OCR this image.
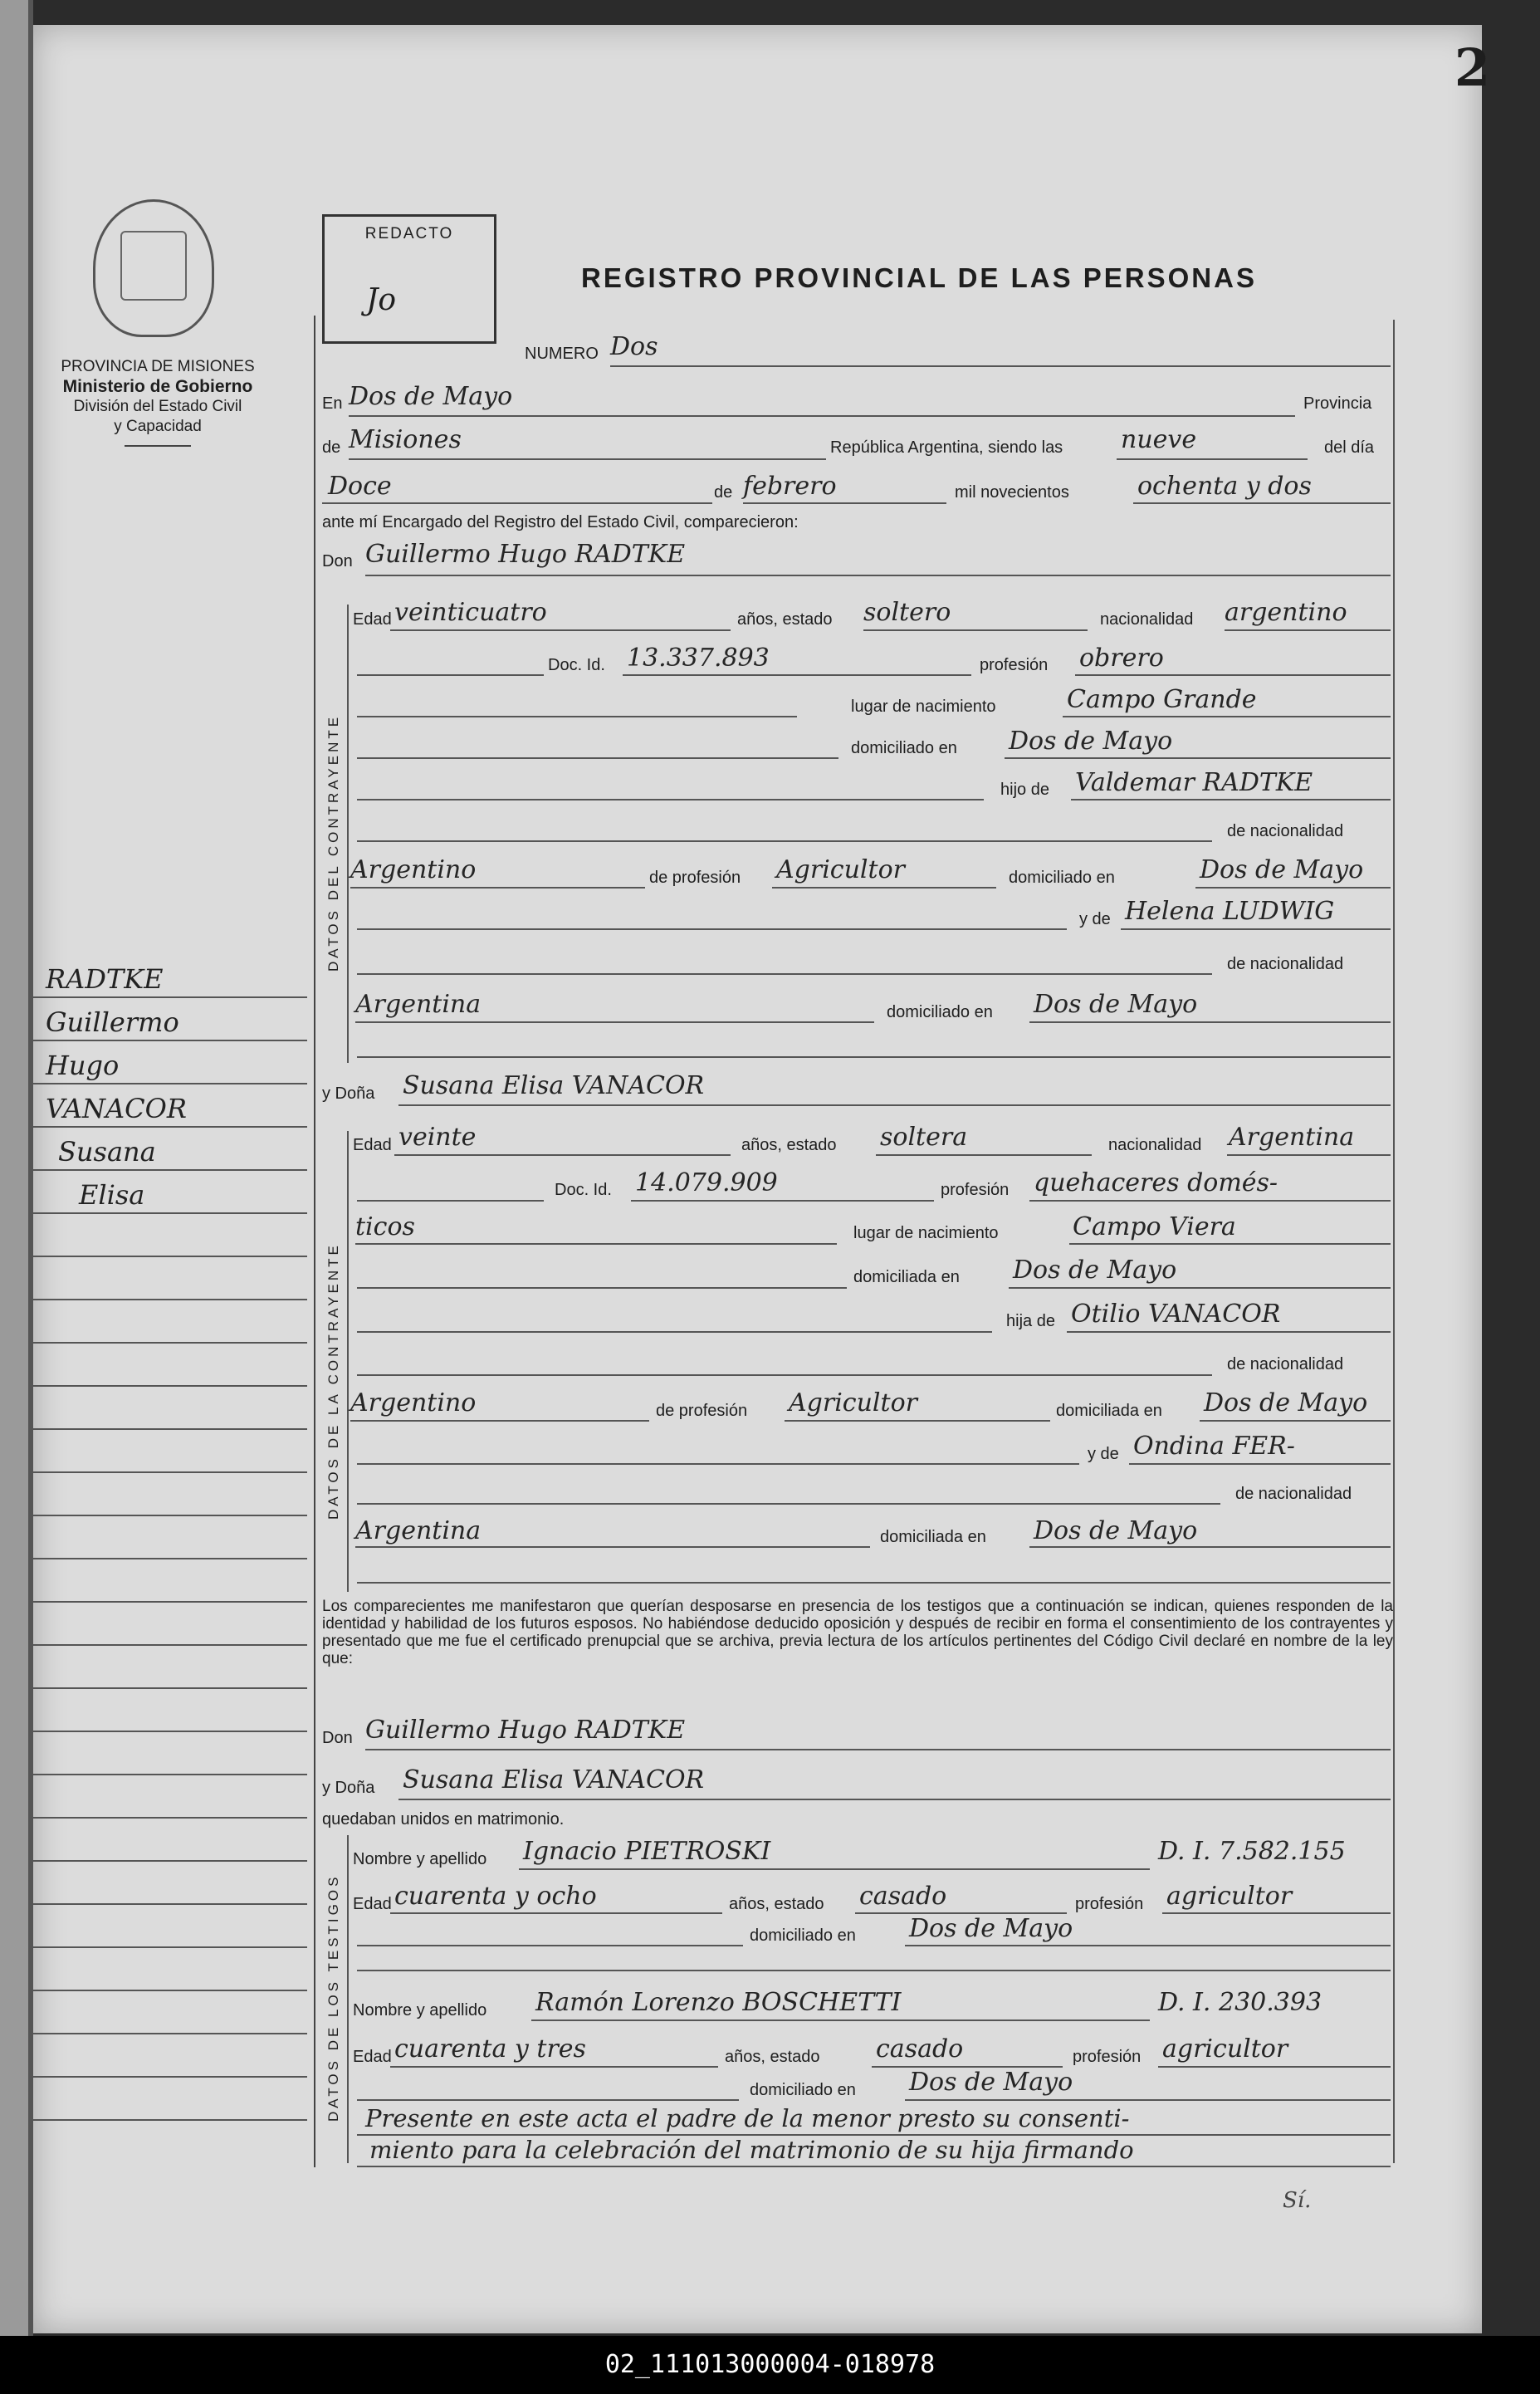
2
PROVINCIA DE MISIONES
Ministerio de Gobierno
División del Estado Civil
y Capacidad
RADTKE
Guillermo
Hugo
VANACOR
Susana
Elisa
REDACTO
Jo
REGISTRO PROVINCIAL DE LAS PERSONAS
NUMERO Dos
En Dos de Mayo	Provincia
de Misiones	República Argentina, siendo las nueve	del día
Doce	de febrero	mil novecientos	ochenta y dos
ante mí Encargado del Registro del Estado Civil, comparecieron:
Don Guillermo Hugo RADTKE
DATOS DEL CONTRAYENTE
Edad veinticuatro	años, estado soltero	nacionalidad argentino
Doc. Id. 13.337.893	profesión obrero
lugar de nacimiento	Campo Grande
domiciliado en Dos de Mayo
hijo de Valdemar RADTKE
de nacionalidad
Argentino	de profesión Agricultor	domiciliado en	Dos de Mayo
y de Helena LUDWIG
de nacionalidad
Argentina	domiciliado en Dos de Mayo
y Doña Susana Elisa VANACOR
DATOS DE LA CONTRAYENTE
Edad veinte	años, estado soltera	nacionalidad Argentina
Doc. Id. 14.079.909	profesión quehaceres domés-
ticos	lugar de nacimiento	Campo Viera
domiciliada en Dos de Mayo
hija de Otilio VANACOR
de nacionalidad
Argentino	de profesión Agricultor	domiciliada en Dos de Mayo
y de Ondina FER-
de nacionalidad
Argentina	domiciliada en Dos de Mayo
Los comparecientes me manifestaron que querían desposarse en presencia de los testigos que a continuación se indican, quienes responden de la identidad y habilidad de los futuros esposos. No habiéndose deducido oposición y después de recibir en forma el consentimiento de los contrayentes y presentado que me fue el certificado prenupcial que se archiva, previa lectura de los artículos pertinentes del Código Civil declaré en nombre de la ley que:
Don Guillermo Hugo RADTKE
y Doña Susana Elisa VANACOR
quedaban unidos en matrimonio.
DATOS DE LOS TESTIGOS
Nombre y apellido Ignacio PIETROSKI	D. I. 7.582.155
Edad cuarenta y ocho	años, estado casado	profesión agricultor
domiciliado en Dos de Mayo
Nombre y apellido Ramón Lorenzo BOSCHETTI	D. I. 230.393
Edad cuarenta y tres	años, estado casado	profesión agricultor
domiciliado en Dos de Mayo
Presente en este acta el padre de la menor presto su consenti-
miento para la celebración del matrimonio de su hija firmando
Sí.
02_111013000004-018978
